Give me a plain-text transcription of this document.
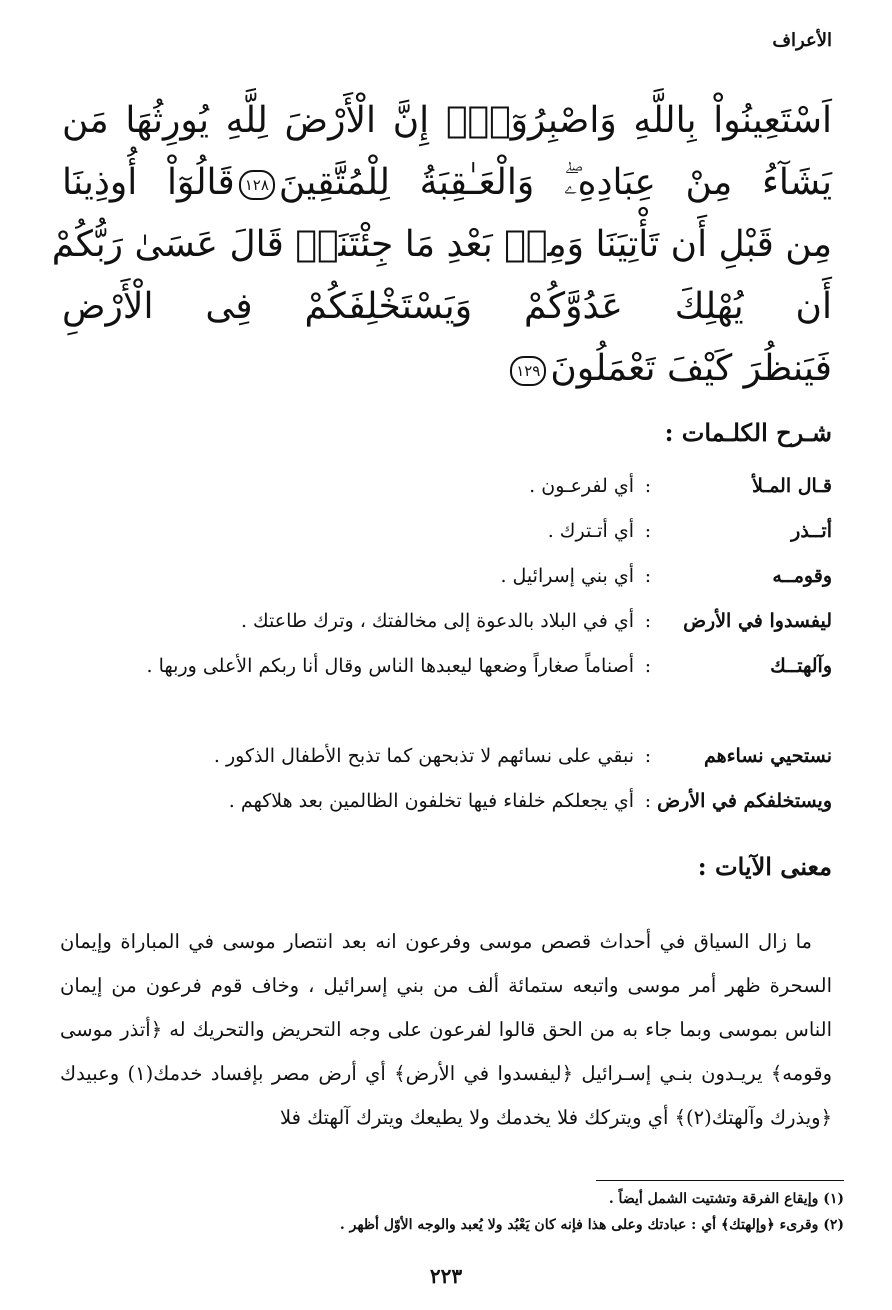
الأعراف
اَسْتَعِينُواْ بِاللَّهِ وَاصْبِرُوٓاْۖ إِنَّ الْأَرْضَ لِلَّهِ يُورِثُهَا مَن
يَشَآءُ مِنْ عِبَادِهِۦۖ وَالْعَـٰقِبَةُ لِلْمُتَّقِينَ١٢٨قَالُوٓاْ أُوذِينَا
مِن قَبْلِ أَن تَأْتِيَنَا وَمِنۢ بَعْدِ مَا جِئْتَنَاۚ قَالَ عَسَىٰ رَبُّكُمْ
أَن يُهْلِكَ عَدُوَّكُمْ وَيَسْتَخْلِفَكُمْ فِى الْأَرْضِ
فَيَنظُرَ كَيْفَ تَعْمَلُونَ١٢٩
شـرح الكلـمات :
قـال المـلأ
:
أي لفرعـون .
أتــذر
:
أي أتـترك .
وقومــه
:
أي بني إسرائيل .
ليفسدوا في الأرض
:
أي في البلاد بالدعوة إلى مخالفتك ، وترك طاعتك .
وآلهتــك
:
أصناماً صغاراً وضعها ليعبدها الناس وقال أنا ربكم الأعلى وربها .
نستحيي نساءهم
:
نبقي على نسائهم لا تذبحهن كما تذبح الأطفال الذكور .
ويستخلفكم في الأرض
:
أي يجعلكم خلفاء فيها تخلفون الظالمين بعد هلاكهم .
معنى الآيات :

ما زال السياق في أحداث قصص موسى وفرعون انه بعد انتصار موسى في المباراة وإيمان السحرة ظهر أمر موسى واتبعه ستمائة ألف من بني إسرائيل ، وخاف قوم فرعون من إيمان الناس بموسى وبما جاء به من الحق قالوا لفرعون على وجه التحريض والتحريك له ﴿أتذر موسى وقومه﴾ يريـدون بنـي إسـرائيل ﴿ليفسدوا في الأرض﴾ أي أرض مصر بإفساد خدمك(١) وعبيدك ﴿ويذرك وآلهتك(٢)﴾ أي ويتركك فلا يخدمك ولا يطيعك ويترك آلهتك فلا

(١) وإيقاع الفرقة وتشتيت الشمل أيضاً .
(٢) وقرىء ﴿وإلهتك﴾ أي : عبادتك وعلى هذا فإنه كان يَعْبُد ولا يُعبد والوجه الأوّل أظهر .
٢٢٣
